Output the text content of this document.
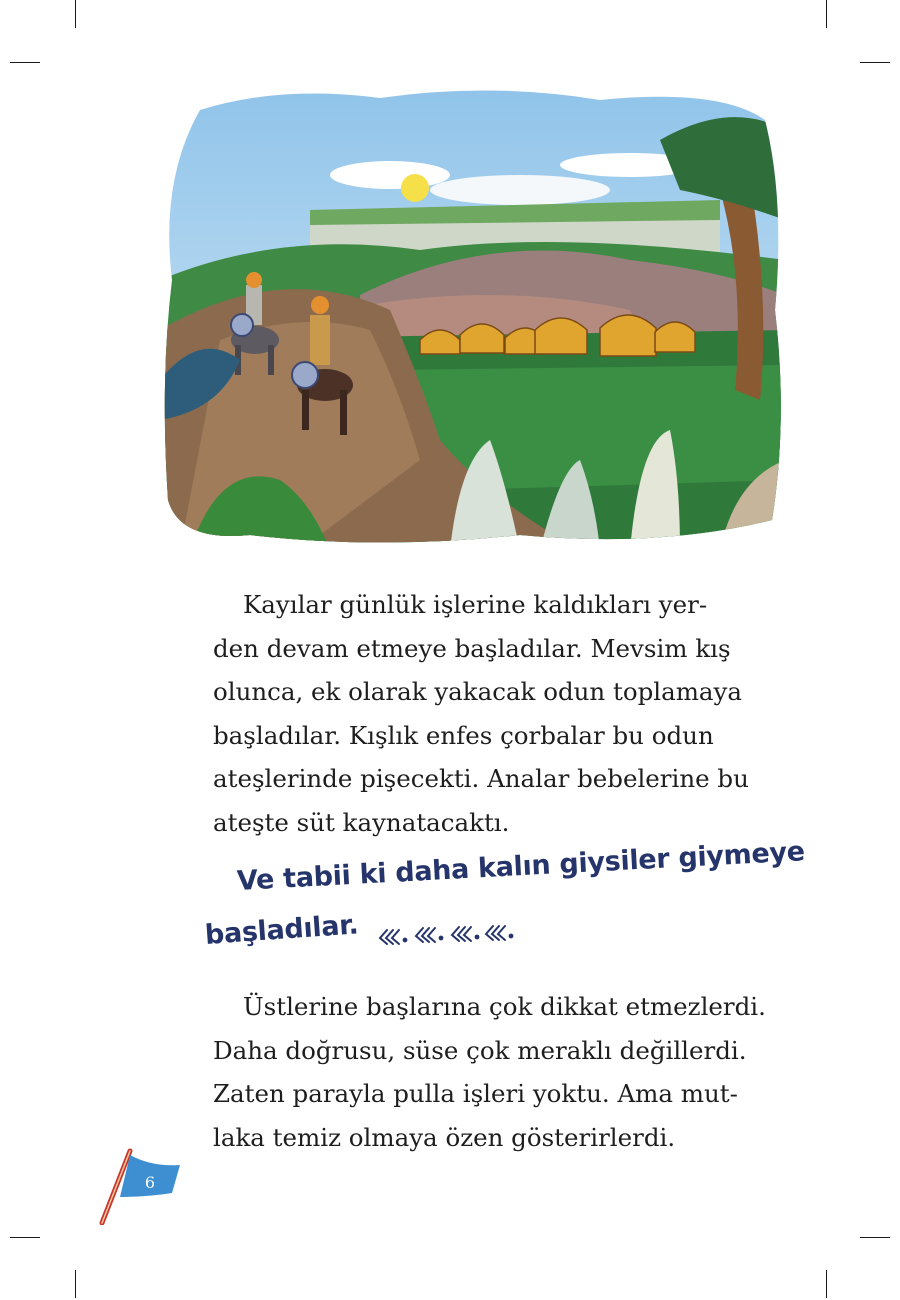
Kayılar günlük işlerine kaldıkları yer-
den devam etmeye başladılar. Mevsim kış
olunca, ek olarak yakacak odun toplamaya
başladılar. Kışlık enfes çorbalar bu odun
ateşlerinde pişecekti. Analar bebelerine bu
ateşte süt kaynatacaktı.

Ve tabii ki daha kalın giysiler giymeye
başladılar.

Üstlerine başlarına çok dikkat etmezlerdi.
Daha doğrusu, süse çok meraklı değillerdi.
Zaten parayla pulla işleri yoktu. Ama mut-
laka temiz olmaya özen gösterirlerdi.

6
